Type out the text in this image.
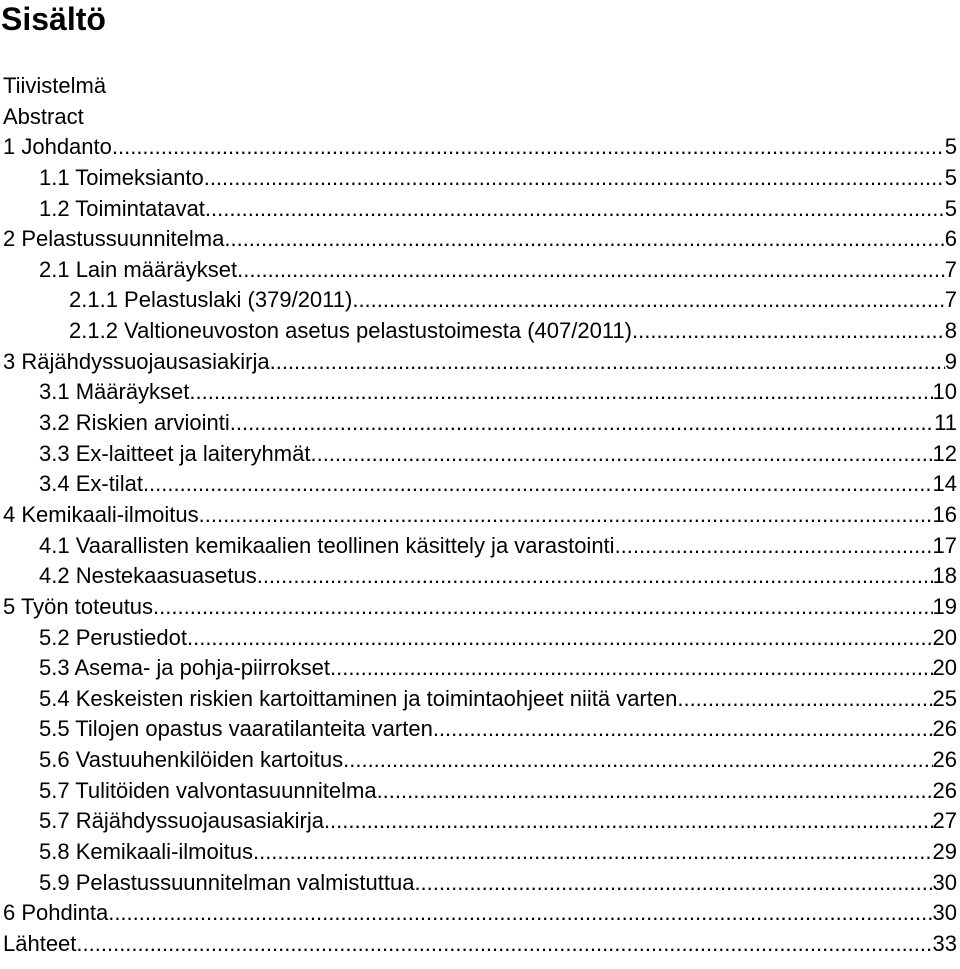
Sisältö
Tiivistelmä
Abstract
1 Johdanto .....	5
1.1 Toimeksianto .....	5
1.2 Toimintatavat .....	5
2 Pelastussuunnitelma .....	6
2.1 Lain määräykset .....	7
2.1.1 Pelastuslaki (379/2011) .....	7
2.1.2 Valtioneuvoston asetus pelastustoimesta (407/2011) .....	8
3 Räjähdyssuojausasiakirja .....	9
3.1 Määräykset .....	10
3.2 Riskien arviointi .....	11
3.3 Ex-laitteet ja laiteryhmät .....	12
3.4 Ex-tilat .....	14
4 Kemikaali-ilmoitus .....	16
4.1 Vaarallisten kemikaalien teollinen käsittely ja varastointi .....	17
4.2 Nestekaasuasetus .....	18
5 Työn toteutus .....	19
5.2 Perustiedot .....	20
5.3 Asema- ja pohja-piirrokset .....	20
5.4 Keskeisten riskien kartoittaminen ja toimintaohjeet niitä varten .....	25
5.5 Tilojen opastus vaaratilanteita varten .....	26
5.6 Vastuuhenkilöiden kartoitus .....	26
5.7 Tulitöiden valvontasuunnitelma .....	26
5.7 Räjähdyssuojausasiakirja .....	27
5.8 Kemikaali-ilmoitus .....	29
5.9 Pelastussuunnitelman valmistuttua .....	30
6 Pohdinta .....	30
Lähteet .....	33
